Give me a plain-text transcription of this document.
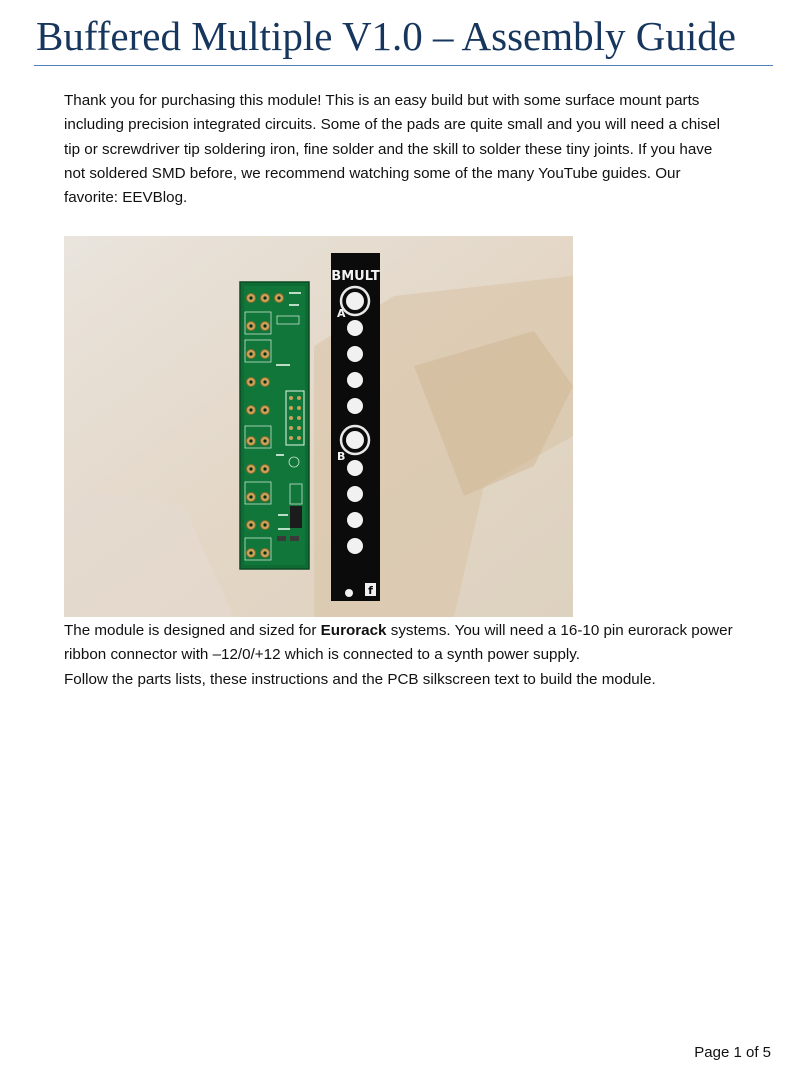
Buffered Multiple V1.0 – Assembly Guide

Thank you for purchasing this module! This is an easy build but with some surface mount parts
including precision integrated circuits. Some of the pads are quite small and you will need a chisel
tip or screwdriver tip soldering iron, fine solder and the skill to solder these tiny joints. If you have
not soldered SMD before, we recommend watching some of the many YouTube guides. Our
favorite: EEVBlog.

BMULT
A
B
f

The module is designed and sized for Eurorack systems. You will need a 16-10 pin eurorack power
ribbon connector with –12/0/+12 which is connected to a synth power supply.
Follow the parts lists, these instructions and the PCB silkscreen text to build the module.

Page 1 of 5
